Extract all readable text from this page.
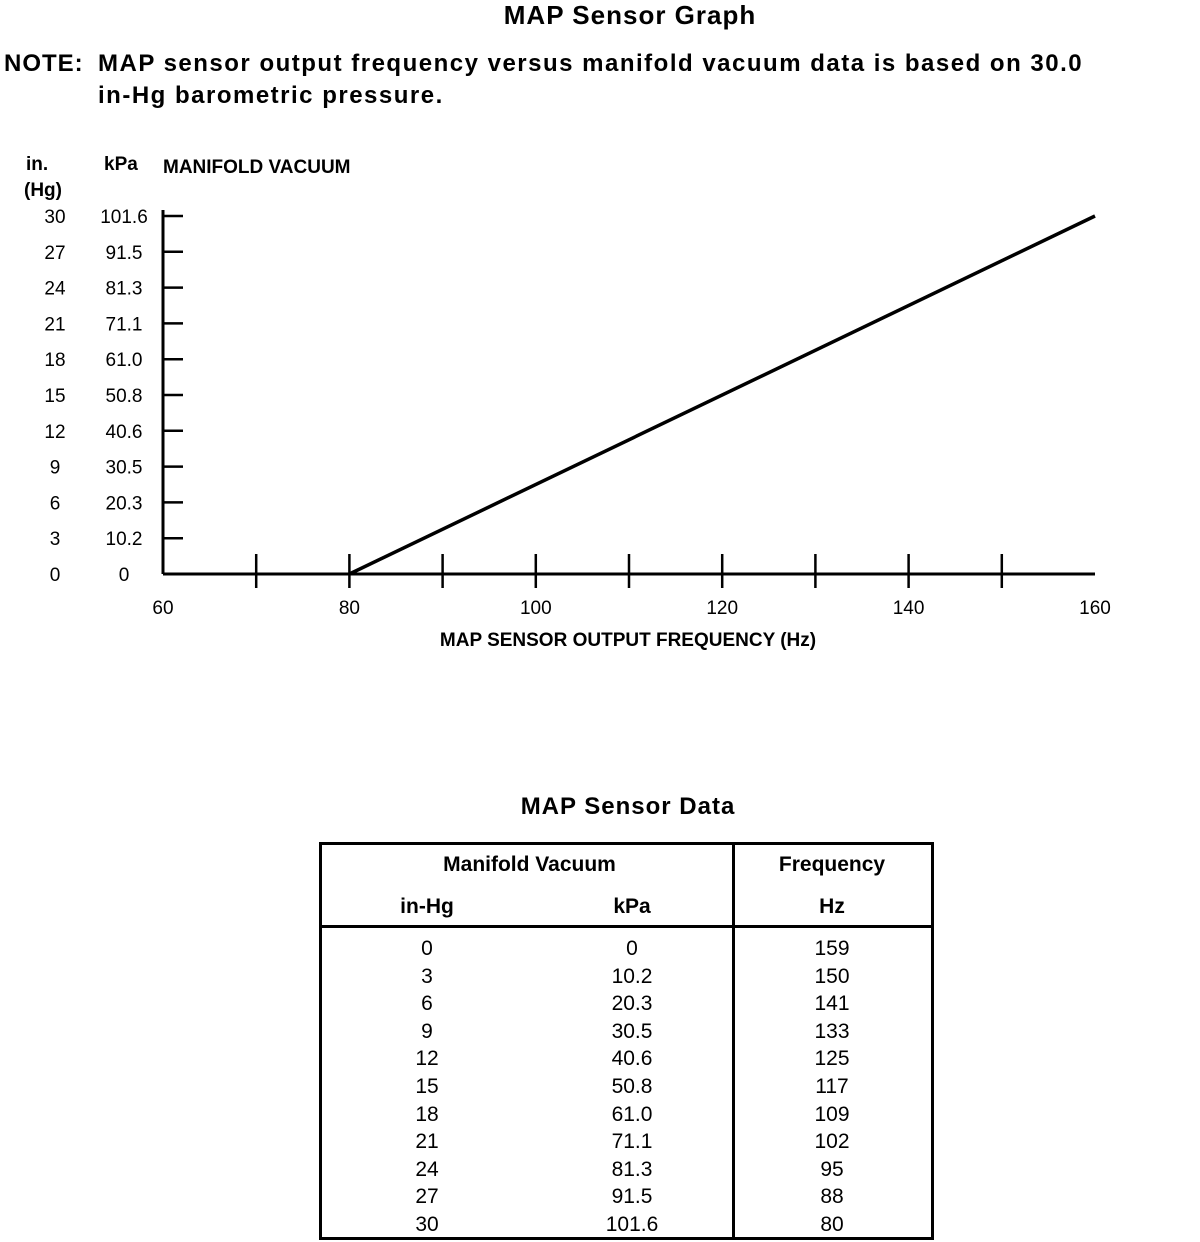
MAP Sensor Graph
NOTE: MAP sensor output frequency versus manifold vacuum data is based on 30.0
in-Hg barometric pressure.
in.
(Hg)
kPa MANIFOLD VACUUM
0	0
3 10.2
6 20.3
9 30.5
12 40.6
15 50.8
18 61.0
21 71.1
24 81.3
27 91.5
30 101.6
60	80	100	120	140	160
MAP SENSOR OUTPUT FREQUENCY (Hz)
MAP Sensor Data
Manifold Vacuum	Frequency
in-Hg	kPa	Hz
0	0	159
3	10.2	150
6	20.3	141
9	30.5	133
12	40.6	125
15	50.8	117
18	61.0	109
21	71.1	102
24	81.3	95
27	91.5	88
30	101.6	80
